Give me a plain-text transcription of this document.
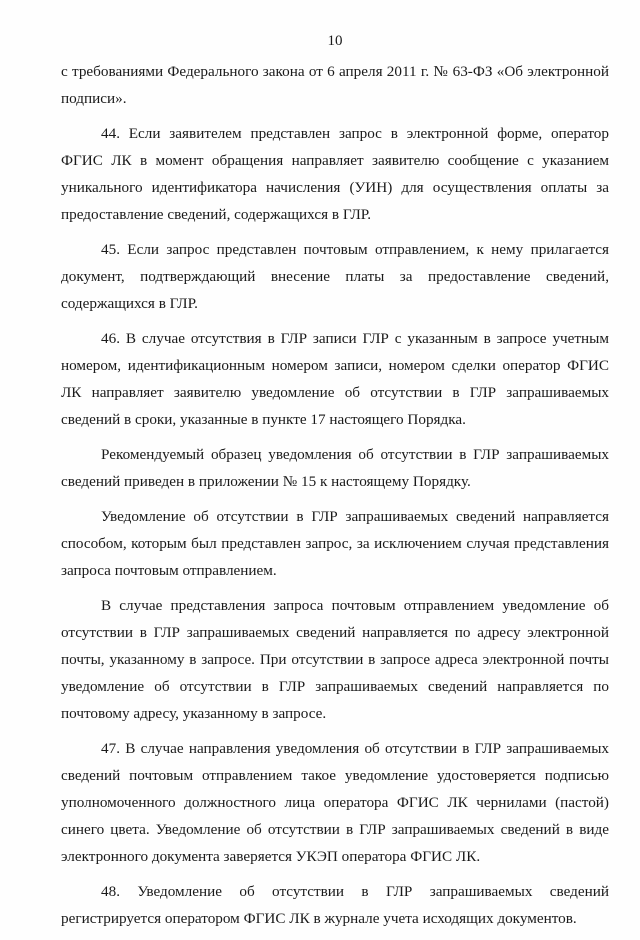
10

с требованиями Федерального закона от 6 апреля 2011 г. № 63-ФЗ «Об электронной подписи».

44. Если заявителем представлен запрос в электронной форме, оператор ФГИС ЛК в момент обращения направляет заявителю сообщение с указанием уникального идентификатора начисления (УИН) для осуществления оплаты за предоставление сведений, содержащихся в ГЛР.

45. Если запрос представлен почтовым отправлением, к нему прилагается документ, подтверждающий внесение платы за предоставление сведений, содержащихся в ГЛР.

46. В случае отсутствия в ГЛР записи ГЛР с указанным в запросе учетным номером, идентификационным номером записи, номером сделки оператор ФГИС ЛК направляет заявителю уведомление об отсутствии в ГЛР запрашиваемых сведений в сроки, указанные в пункте 17 настоящего Порядка.

Рекомендуемый образец уведомления об отсутствии в ГЛР запрашиваемых сведений приведен в приложении № 15 к настоящему Порядку.

Уведомление об отсутствии в ГЛР запрашиваемых сведений направляется способом, которым был представлен запрос, за исключением случая представления запроса почтовым отправлением.

В случае представления запроса почтовым отправлением уведомление об отсутствии в ГЛР запрашиваемых сведений направляется по адресу электронной почты, указанному в запросе. При отсутствии в запросе адреса электронной почты уведомление об отсутствии в ГЛР запрашиваемых сведений направляется по почтовому адресу, указанному в запросе.

47. В случае направления уведомления об отсутствии в ГЛР запрашиваемых сведений почтовым отправлением такое уведомление удостоверяется подписью уполномоченного должностного лица оператора ФГИС ЛК чернилами (пастой) синего цвета. Уведомление об отсутствии в ГЛР запрашиваемых сведений в виде электронного документа заверяется УКЭП оператора ФГИС ЛК.

48. Уведомление об отсутствии в ГЛР запрашиваемых сведений регистрируется оператором ФГИС ЛК в журнале учета исходящих документов.
